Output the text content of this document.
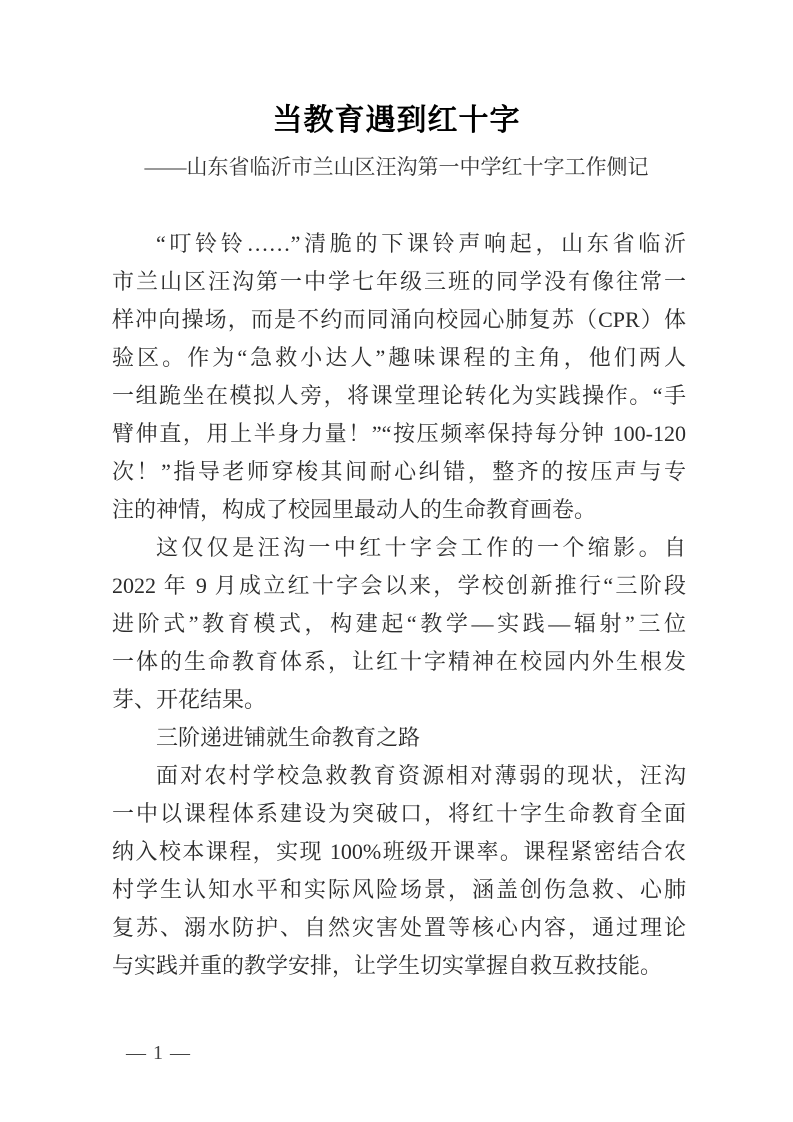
当教育遇到红十字
——山东省临沂市兰山区汪沟第一中学红十字工作侧记
“叮铃铃……”清脆的下课铃声响起，山东省临沂
市兰山区汪沟第一中学七年级三班的同学没有像往常一
样冲向操场，而是不约而同涌向校园心肺复苏（CPR）体
验区。作为“急救小达人”趣味课程的主角，他们两人
一组跪坐在模拟人旁，将课堂理论转化为实践操作。“手
臂伸直，用上半身力量！”“按压频率保持每分钟 100-120
次！”指导老师穿梭其间耐心纠错，整齐的按压声与专
注的神情，构成了校园里最动人的生命教育画卷。
这仅仅是汪沟一中红十字会工作的一个缩影。自
2022 年 9 月成立红十字会以来，学校创新推行“三阶段
进阶式”教育模式，构建起“教学—实践—辐射”三位
一体的生命教育体系，让红十字精神在校园内外生根发
芽、开花结果。
三阶递进铺就生命教育之路
面对农村学校急救教育资源相对薄弱的现状，汪沟
一中以课程体系建设为突破口，将红十字生命教育全面
纳入校本课程，实现 100%班级开课率。课程紧密结合农
村学生认知水平和实际风险场景，涵盖创伤急救、心肺
复苏、溺水防护、自然灾害处置等核心内容，通过理论
与实践并重的教学安排，让学生切实掌握自救互救技能。
— 1 —
